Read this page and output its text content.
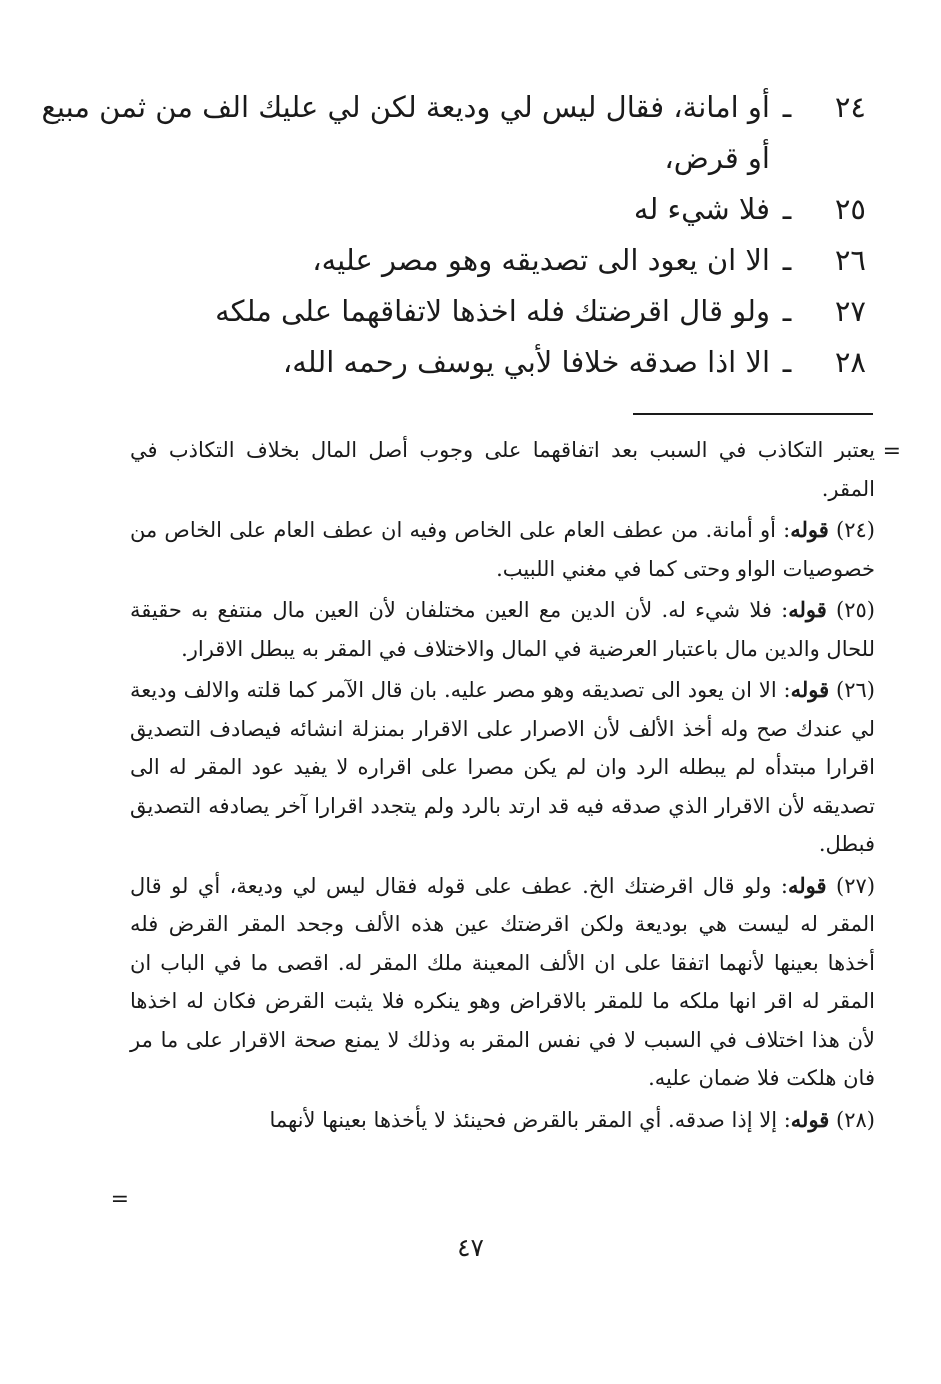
٢٤
ـ
أو امانة، فقال ليس لي وديعة لكن لي عليك الف من ثمن مبيع
أو قرض،
٢٥
ـ
فلا شيء له
٢٦
ـ
الا ان يعود الى تصديقه وهو مصر عليه،
٢٧
ـ
ولو قال اقرضتك فله اخذها لاتفاقهما على ملكه
٢٨
ـ
الا اذا صدقه خلافا لأبي يوسف رحمه الله،
=

يعتبر التكاذب في السبب بعد اتفاقهما على وجوب أصل المال بخلاف التكاذب في المقر.

(٢٤) قوله: أو أمانة. من عطف العام على الخاص وفيه ان عطف العام على الخاص من خصوصيات الواو وحتى كما في مغني اللبيب.

(٢٥) قوله: فلا شيء له. لأن الدين مع العين مختلفان لأن العين مال منتفع به حقيقة للحال والدين مال باعتبار العرضية في المال والاختلاف في المقر به يبطل الاقرار.

(٢٦) قوله: الا ان يعود الى تصديقه وهو مصر عليه. بان قال الآمر كما قلته والالف وديعة لي عندك صح وله أخذ الألف لأن الاصرار على الاقرار بمنزلة انشائه فيصادف التصديق اقرارا مبتدأه لم يبطله الرد وان لم يكن مصرا على اقراره لا يفيد عود المقر له الى تصديقه لأن الاقرار الذي صدقه فيه قد ارتد بالرد ولم يتجدد اقرارا آخر يصادفه التصديق فبطل.

(٢٧) قوله: ولو قال اقرضتك الخ. عطف على قوله فقال ليس لي وديعة، أي لو قال المقر له ليست هي بوديعة ولكن اقرضتك عين هذه الألف وجحد المقر القرض فله أخذها بعينها لأنهما اتفقا على ان الألف المعينة ملك المقر له. اقصى ما في الباب ان المقر له اقر انها ملكه ما للمقر بالاقراض وهو ينكره فلا يثبت القرض فكان له اخذها لأن هذا اختلاف في السبب لا في نفس المقر به وذلك لا يمنع صحة الاقرار على ما مر فان هلكت فلا ضمان عليه.

(٢٨) قوله: إلا إذا صدقه. أي المقر بالقرض فحينئذ لا يأخذها بعينها لأنهما

=
٤٧
